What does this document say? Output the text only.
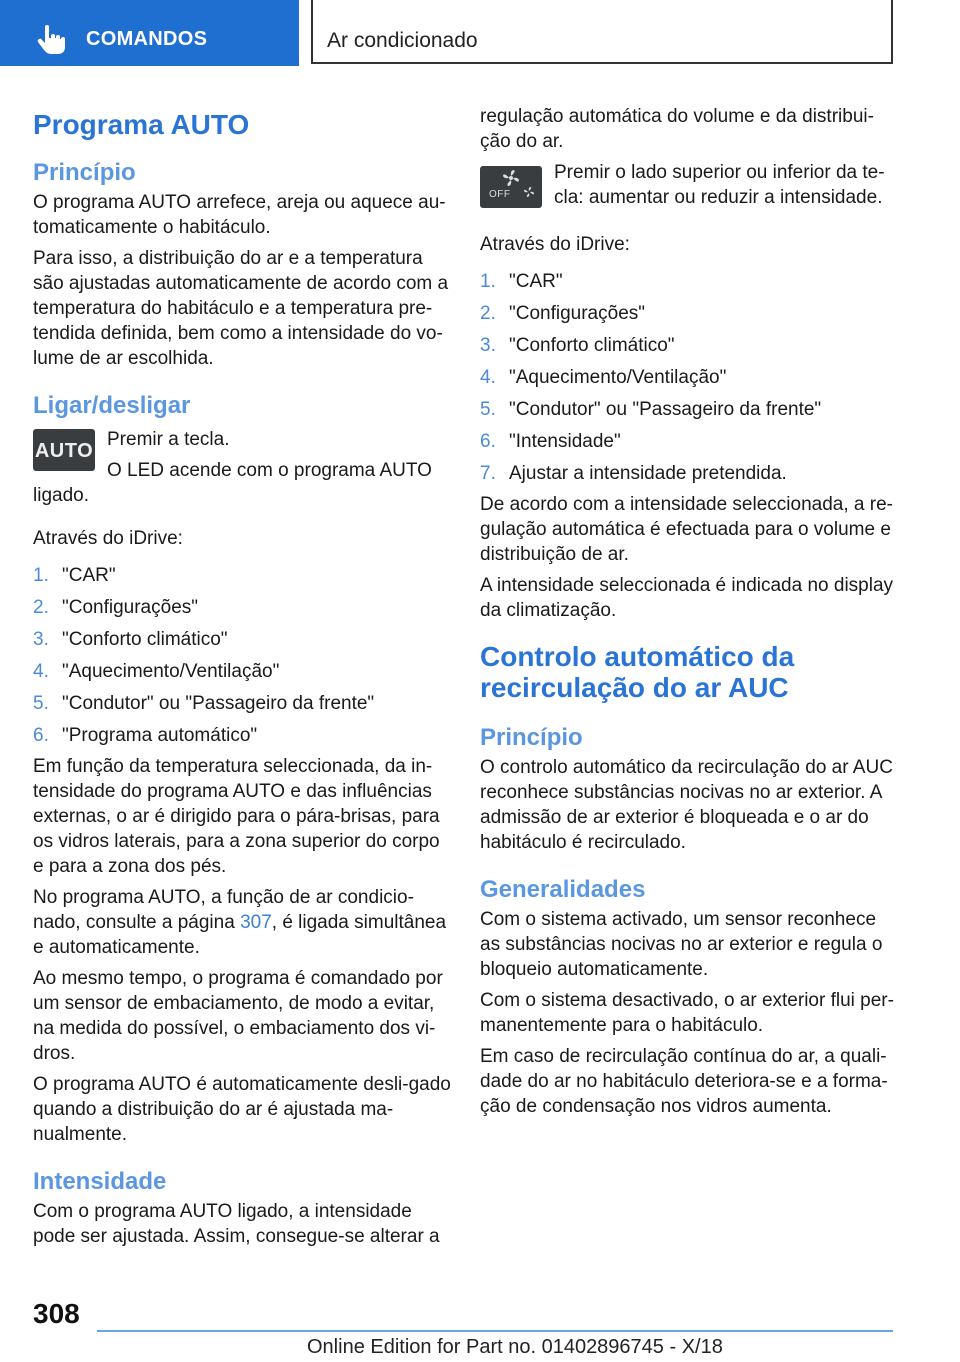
COMANDOS	Ar condicionado
Programa AUTO
Princípio

O programa AUTO arrefece, areja ou aquece au-tomaticamente o habitáculo.

Para isso, a distribuição do ar e a temperatura são ajustadas automaticamente de acordo com a temperatura do habitáculo e a temperatura pre-tendida definida, bem como a intensidade do vo-lume de ar escolhida.

Ligar/desligar
AUTO

Premir a tecla.

O LED acende com o programa AUTO ligado.

Através do iDrive:

1. "CAR"
2. "Configurações"
3. "Conforto climático"
4. "Aquecimento/Ventilação"
5. "Condutor" ou "Passageiro da frente"
6. "Programa automático"

Em função da temperatura seleccionada, da in-tensidade do programa AUTO e das influências externas, o ar é dirigido para o pára-brisas, para os vidros laterais, para a zona superior do corpo e para a zona dos pés.

No programa AUTO, a função de ar condicio-nado, consulte a página 307, é ligada simultânea e automaticamente.

Ao mesmo tempo, o programa é comandado por um sensor de embaciamento, de modo a evitar, na medida do possível, o embaciamento dos vi-dros.

O programa AUTO é automaticamente desli-gado quando a distribuição do ar é ajustada ma-nualmente.

Intensidade

Com o programa AUTO ligado, a intensidade pode ser ajustada. Assim, consegue-se alterar a

regulação automática do volume e da distribui-ção do ar.

OFF

Premir o lado superior ou inferior da te-cla: aumentar ou reduzir a intensidade.

Através do iDrive:

1. "CAR"
2. "Configurações"
3. "Conforto climático"
4. "Aquecimento/Ventilação"
5. "Condutor" ou "Passageiro da frente"
6. "Intensidade"
7. Ajustar a intensidade pretendida.

De acordo com a intensidade seleccionada, a re-gulação automática é efectuada para o volume e distribuição de ar.

A intensidade seleccionada é indicada no display da climatização.

Controlo automático da recirculação do ar AUC
Princípio

O controlo automático da recirculação do ar AUC reconhece substâncias nocivas no ar exterior. A admissão de ar exterior é bloqueada e o ar do habitáculo é recirculado.

Generalidades

Com o sistema activado, um sensor reconhece as substâncias nocivas no ar exterior e regula o bloqueio automaticamente.

Com o sistema desactivado, o ar exterior flui per-manentemente para o habitáculo.

Em caso de recirculação contínua do ar, a quali-dade do ar no habitáculo deteriora-se e a forma-ção de condensação nos vidros aumenta.

308
Online Edition for Part no. 01402896745 - X/18
